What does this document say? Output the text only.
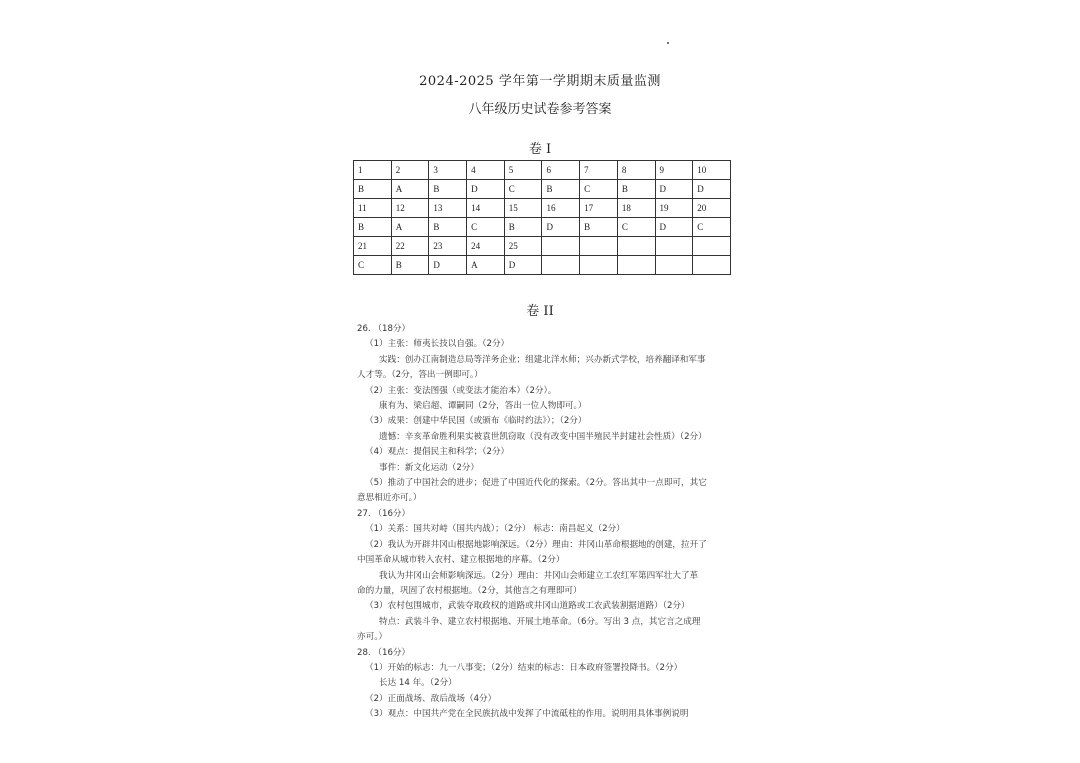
2024-2025 学年第一学期期末质量监测
八年级历史试卷参考答案
卷 I
1	2	3	4	5	6	7	8	9	10
B	A	B	D	C	B	C	B	D	D
11	12	13	14	15	16	17	18	19	20
B	A	B	C	B	D	B	C	D	C
21	22	23	24	25					
C	B	D	A	D					
卷 II
26. （18分）
（1）主张：师夷长技以自强。（2分）
实践：创办江南制造总局等洋务企业；组建北洋水师；兴办新式学校，培养翻译和军事
人才等。（2分，答出一例即可。）
（2）主张：变法图强（或变法才能治本）（2分）。
康有为、梁启超、谭嗣同（2分，答出一位人物即可。）
（3）成果：创建中华民国（或颁布《临时约法》）；（2分）
遗憾：辛亥革命胜利果实被袁世凯窃取（没有改变中国半殖民半封建社会性质）（2分）
（4）观点：提倡民主和科学；（2分）
事件：新文化运动（2分）
（5）推动了中国社会的进步；促进了中国近代化的探索。（2分。答出其中一点即可，其它
意思相近亦可。）
27. （16分）
（1）关系：国共对峙（国共内战）；（2分） 标志：南昌起义（2分）
（2）我认为开辟井冈山根据地影响深远。（2分）理由：井冈山革命根据地的创建，拉开了
中国革命从城市转入农村、建立根据地的序幕。（2分）
我认为井冈山会师影响深远。（2分）理由：井冈山会师建立工农红军第四军壮大了革
命的力量，巩固了农村根据地。（2分，其他言之有理即可）
（3）农村包围城市，武装夺取政权的道路或井冈山道路或工农武装割据道路）（2分）
特点：武装斗争、建立农村根据地、开展土地革命。（6分。写出 3 点，其它言之成理
亦可。）
28. （16分）
（1）开始的标志：九一八事变；（2分）结束的标志：日本政府签署投降书。（2分）
长达 14 年。（2分）
（2）正面战场、敌后战场（4分）
（3）观点：中国共产党在全民族抗战中发挥了中流砥柱的作用。说明用具体事例说明
